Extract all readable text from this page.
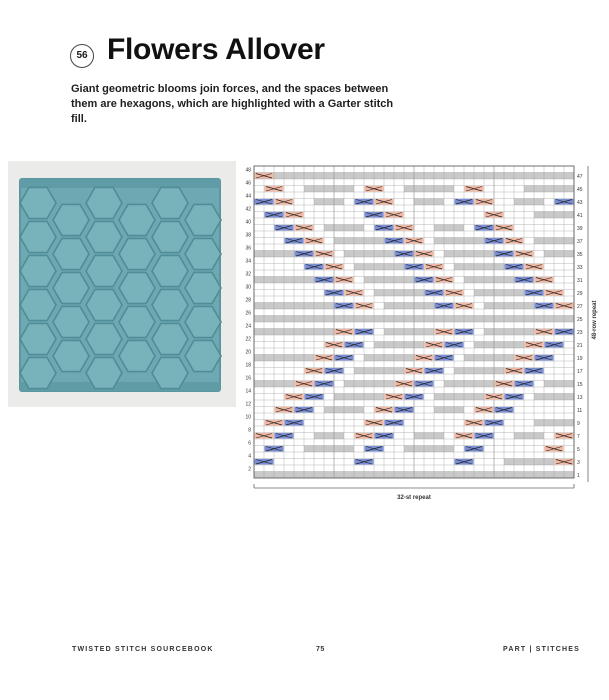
56 Flowers Allover

Giant geometric blooms join forces, and the spaces between them are hexagons, which are highlighted with a Garter stitch fill.

2
4
6
8
10
12
14
16
18
20
22
24
26
28
30
32
34
36
38
40
42
44
46
48
1
3
5
7
9
11
13
15
17
19
21
23
25
27
29
31
33
35
37
39
41
43
45
47
32-st repeat
48-row repeat
TWISTED STITCH SOURCEBOOK	75	PART | STITCHES
